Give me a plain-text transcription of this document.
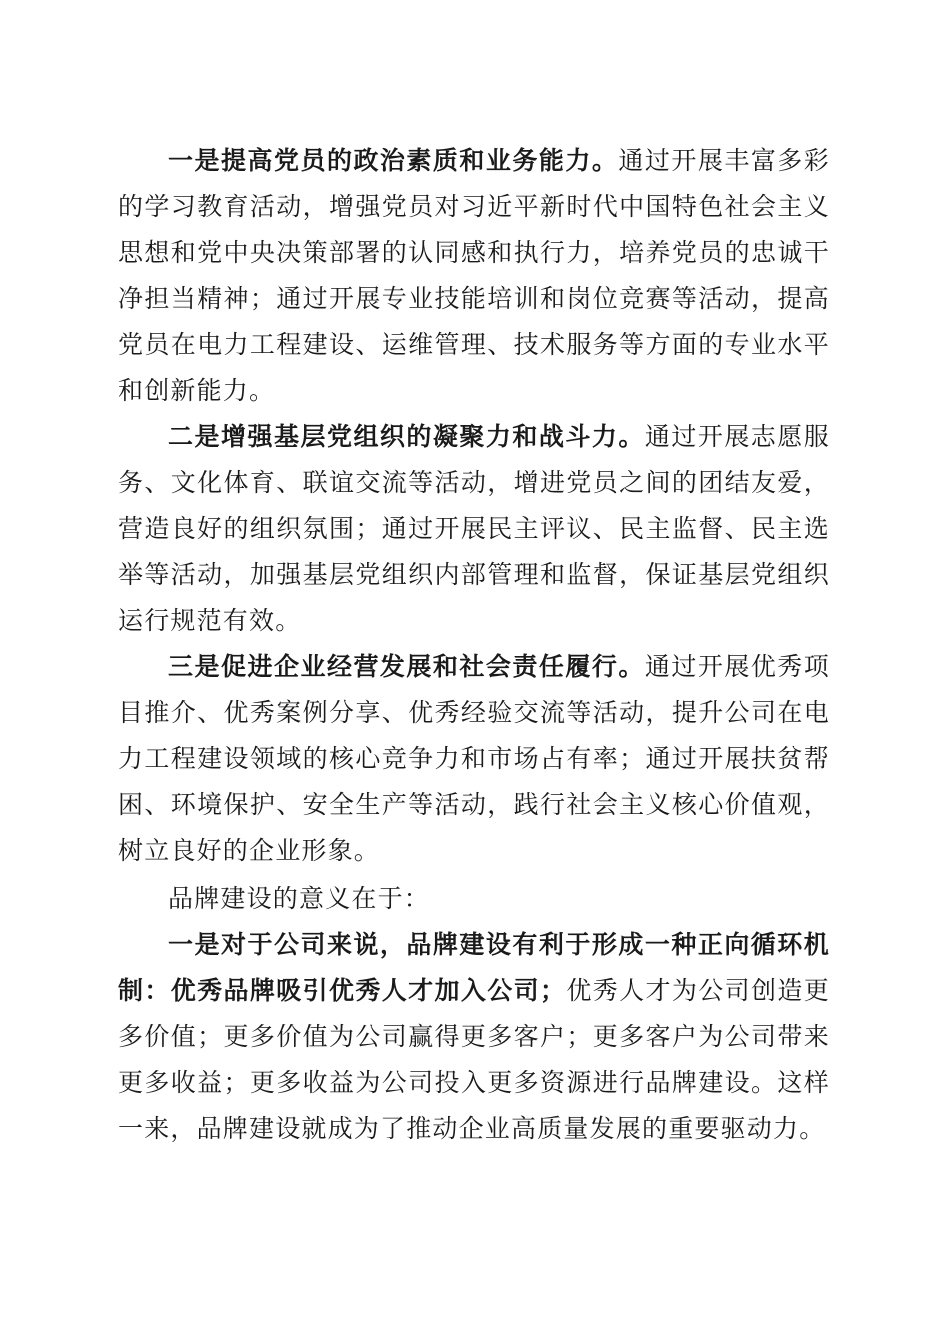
一是提高党员的政治素质和业务能力。通过开展丰富多彩的学习教育活动，增强党员对习近平新时代中国特色社会主义思想和党中央决策部署的认同感和执行力，培养党员的忠诚干净担当精神；通过开展专业技能培训和岗位竞赛等活动，提高党员在电力工程建设、运维管理、技术服务等方面的专业水平和创新能力。

二是增强基层党组织的凝聚力和战斗力。通过开展志愿服务、文化体育、联谊交流等活动，增进党员之间的团结友爱，营造良好的组织氛围；通过开展民主评议、民主监督、民主选举等活动，加强基层党组织内部管理和监督，保证基层党组织运行规范有效。

三是促进企业经营发展和社会责任履行。通过开展优秀项目推介、优秀案例分享、优秀经验交流等活动，提升公司在电力工程建设领域的核心竞争力和市场占有率；通过开展扶贫帮困、环境保护、安全生产等活动，践行社会主义核心价值观，树立良好的企业形象。

品牌建设的意义在于：

一是对于公司来说，品牌建设有利于形成一种正向循环机制：优秀品牌吸引优秀人才加入公司；优秀人才为公司创造更多价值；更多价值为公司赢得更多客户；更多客户为公司带来更多收益；更多收益为公司投入更多资源进行品牌建设。这样一来，品牌建设就成为了推动企业高质量发展的重要驱动力。
